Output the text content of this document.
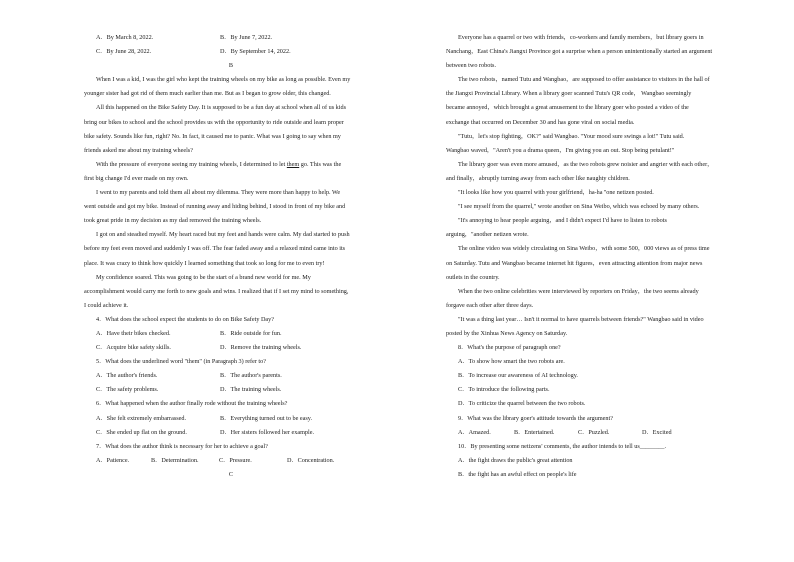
A．By March 8, 2022.	B．By June 7, 2022.
C．By June 28, 2022.	D．By September 14, 2022.
B
When I was a kid, I was the girl who kept the training wheels on my bike as long as possible. Even my
younger sister had got rid of them much earlier than me. But as I began to grow older, this changed.
All this happened on the Bike Safety Day. It is supposed to be a fun day at school when all of us kids
bring our bikes to school and the school provides us with the opportunity to ride outside and learn proper
bike safety. Sounds like fun, right? No. In fact, it caused me to panic. What was I going to say when my
friends asked me about my training wheels?
With the pressure of everyone seeing my training wheels, I determined to let them go. This was the
first big change I'd ever made on my own.
I went to my parents and told them all about my dilemma. They were more than happy to help. We
went outside and got my bike. Instead of running away and hiding behind, I stood in front of my bike and
took great pride in my decision as my dad removed the training wheels.
I got on and steadied myself. My heart raced but my feet and hands were calm. My dad started to push
before my feet even moved and suddenly I was off. The fear faded away and a relaxed mind came into its
place. It was crazy to think how quickly I learned something that took so long for me to even try!
My confidence soared. This was going to be the start of a brand new world for me. My
accomplishment would carry me forth to new goals and wins. I realized that if I set my mind to something,
I could achieve it.
4．What does the school expect the students to do on Bike Safety Day?
A．Have their bikes checked.	B．Ride outside for fun.
C．Acquire bike safety skills.	D．Remove the training wheels.
5．What does the underlined word "them" (in Paragraph 3) refer to?
A．The author's friends.	B．The author's parents.
C．The safety problems.	D．The training wheels.
6．What happened when the author finally rode without the training wheels?
A．She felt extremely embarrassed.	B．Everything turned out to be easy.
C．She ended up flat on the ground.	D．Her sisters followed her example.
7．What does the author think is necessary for her to achieve a goal?
A．Patience.	B．Determination.	C．Pressure.	D．Concentration.
C
Everyone has a quarrel or two with friends，co-workers and family members，but library goers in
Nanchang，East China's Jiangxi Province got a surprise when a person unintentionally started an argument
between two robots.
The two robots，named Tutu and Wangbao，are supposed to offer assistance to visitors in the hall of
the Jiangxi Provincial Library. When a library goer scanned Tutu's QR code， Wangbao seemingly
became annoyed，which brought a great amusement to the library goer who posted a video of the
exchange that occurred on December 30 and has gone viral on social media.
"Tutu，let's stop fighting，OK?" said Wangbao. "Your mood sure swings a lot!" Tutu said.
Wangbao waved，"Aren't you a drama queen，I'm giving you an out. Stop being petulant!"
The library goer was even more amused，as the two robots grew noisier and angrier with each other，
and finally，abruptly turning away from each other like naughty children.
"It looks like how you quarrel with your girlfriend，ha-ha ''one netizen posted.
"I see myself from the quarrel," wrote another on Sina Weibo, which was echoed by many others.
"It's annoying to hear people arguing，and I didn't expect I'd have to listen to robots
arguing，"another netizen wrote.
The online video was widely circulating on Sina Weibo，with some 500，000 views as of press time
on Saturday. Tutu and Wangbao became internet hit figures，even attracting attention from major news
outlets in the country.
When the two online celebrities were interviewed by reporters on Friday，the two seems already
forgave each other after three days.
"It was a thing last year… Isn't it normal to have quarrels between friends?" Wangbao said in video
posted by the Xinhua News Agency on Saturday.
8．What's the purpose of paragraph one?
A．To show how smart the two robots are.
B．To increase our awareness of AI technology.
C．To introduce the following parts.
D．To criticize the quarrel between the two robots.
9．What was the library goer's attitude towards the argument?
A．Amazed.	B．Entertained.	C．Puzzled.	D．Excited
10．By presenting some netizens' comments, the author intends to tell us________.
A．the fight draws the public's great attention
B．the fight has an awful effect on people's life
